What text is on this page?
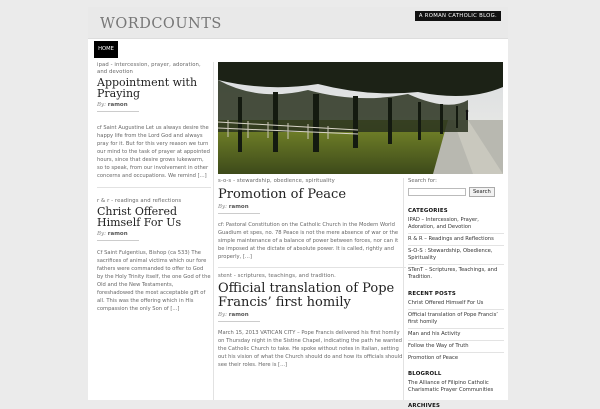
WORDCOUNTS	A ROMAN CATHOLIC BLOG.
HOME
ipad - intercession, prayer, adoration, and devotion
Appointment with Praying
By: ramon
cf Saint Augustine Let us always desire the happy life from the Lord God and always pray for it. But for this very reason we turn our mind to the task of prayer at appointed hours, since that desire grows lukewarm, so to speak, from our involvement in other concerns and occupations. We remind [...]
r & r - readings and reflections
Christ Offered Himself For Us
By: ramon
Cf Saint Fulgentius, Bishop (ca 533) The sacrifices of animal victims which our fore fathers were commanded to offer to God by the Holy Trinity itself, the one God of the Old and the New Testaments, foreshadowed the most acceptable gift of all. This was the offering which in His compassion the only Son of [...]
s-o-s - stewardship, obedience, spirituality
Promotion of Peace
By: ramon
cf: Pastoral Constitution on the Catholic Church in the Modern World Guadium et spes, no. 78 Peace is not the mere absence of war or the simple maintenance of a balance of power between forces, nor can it be imposed at the dictate of absolute power. It is called, rightly and properly, [...]
stent - scriptures, teachings, and tradition.
Official translation of Pope Francis’ first homily
By: ramon
March 15, 2013 VATICAN CITY – Pope Francis delivered his first homily on Thursday night in the Sistine Chapel, indicating the path he wanted the Catholic Church to take. He spoke without notes in Italian, setting out his vision of what the Church should do and how its officials should see their roles. Here is [...]
Search for:
Search
CATEGORIES
IPAD – Intercession, Prayer, Adoration, and Devotion
R & R – Readings and Reflections
S-O-S : Stewardship, Obedience, Spirituality
STenT – Scriptures, Teachings, and Tradition.
RECENT POSTS
Christ Offered Himself For Us
Official translation of Pope Francis’ first homily
Man and his Activity
Follow the Way of Truth
Promotion of Peace
BLOGROLL
The Alliance of Filipino Catholic Charismatic Prayer Communities
ARCHIVES
